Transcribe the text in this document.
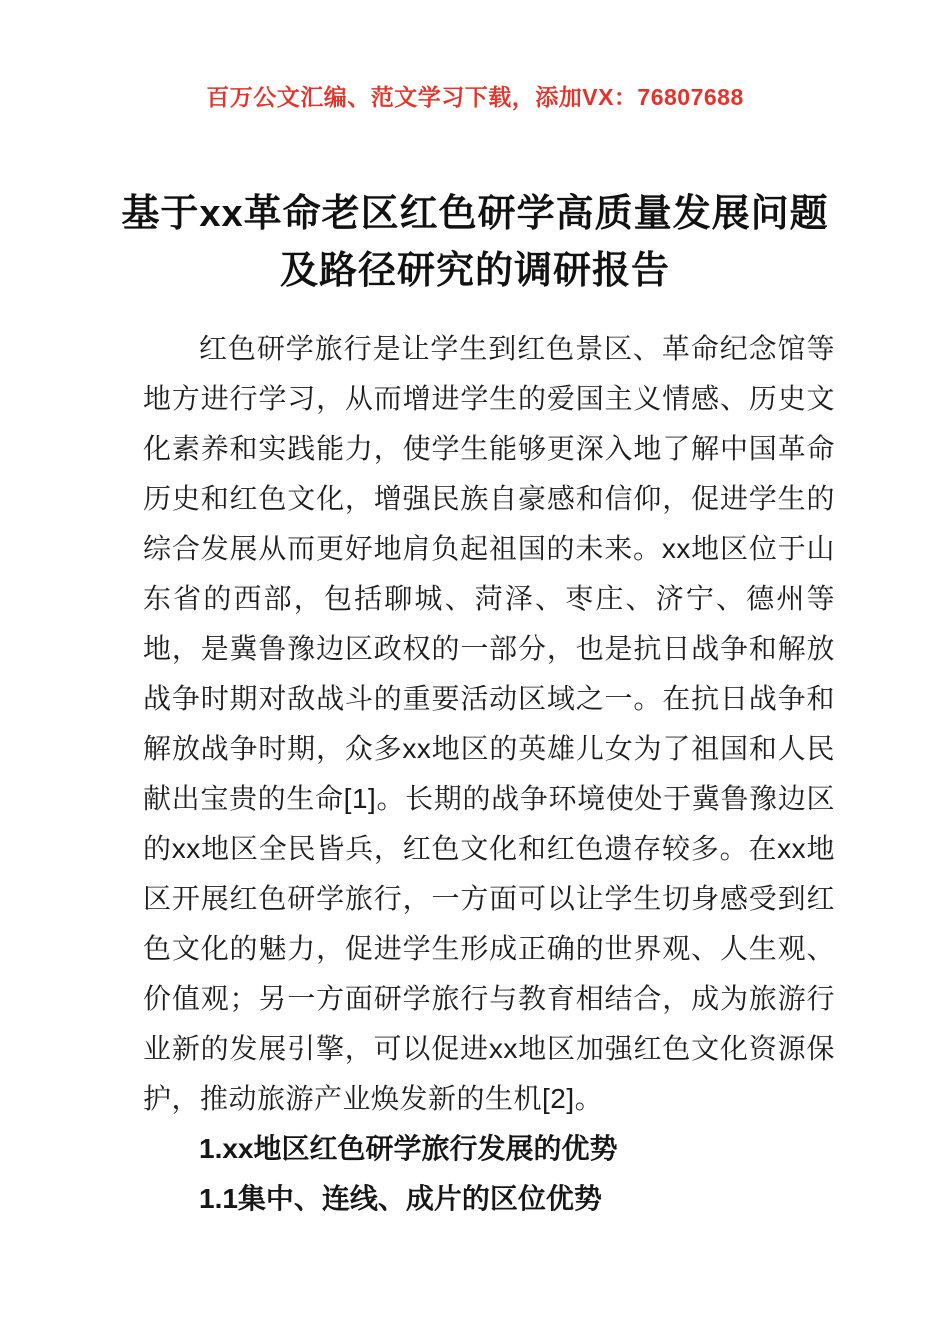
百万公文汇编、范文学习下载，添加VX：76807688
基于xx革命老区红色研学高质量发展问题
及路径研究的调研报告

红色研学旅行是让学生到红色景区、革命纪念馆等地方进行学习，从而增进学生的爱国主义情感、历史文化素养和实践能力，使学生能够更深入地了解中国革命历史和红色文化，增强民族自豪感和信仰，促进学生的综合发展从而更好地肩负起祖国的未来。xx地区位于山东省的西部，包括聊城、菏泽、枣庄、济宁、德州等地，是冀鲁豫边区政权的一部分，也是抗日战争和解放战争时期对敌战斗的重要活动区域之一。在抗日战争和解放战争时期，众多xx地区的英雄儿女为了祖国和人民献出宝贵的生命[1]。长期的战争环境使处于冀鲁豫边区的xx地区全民皆兵，红色文化和红色遗存较多。在xx地区开展红色研学旅行，一方面可以让学生切身感受到红色文化的魅力，促进学生形成正确的世界观、人生观、价值观；另一方面研学旅行与教育相结合，成为旅游行业新的发展引擎，可以促进xx地区加强红色文化资源保护，推动旅游产业焕发新的生机[2]。

1.xx地区红色研学旅行发展的优势

1.1集中、连线、成片的区位优势
